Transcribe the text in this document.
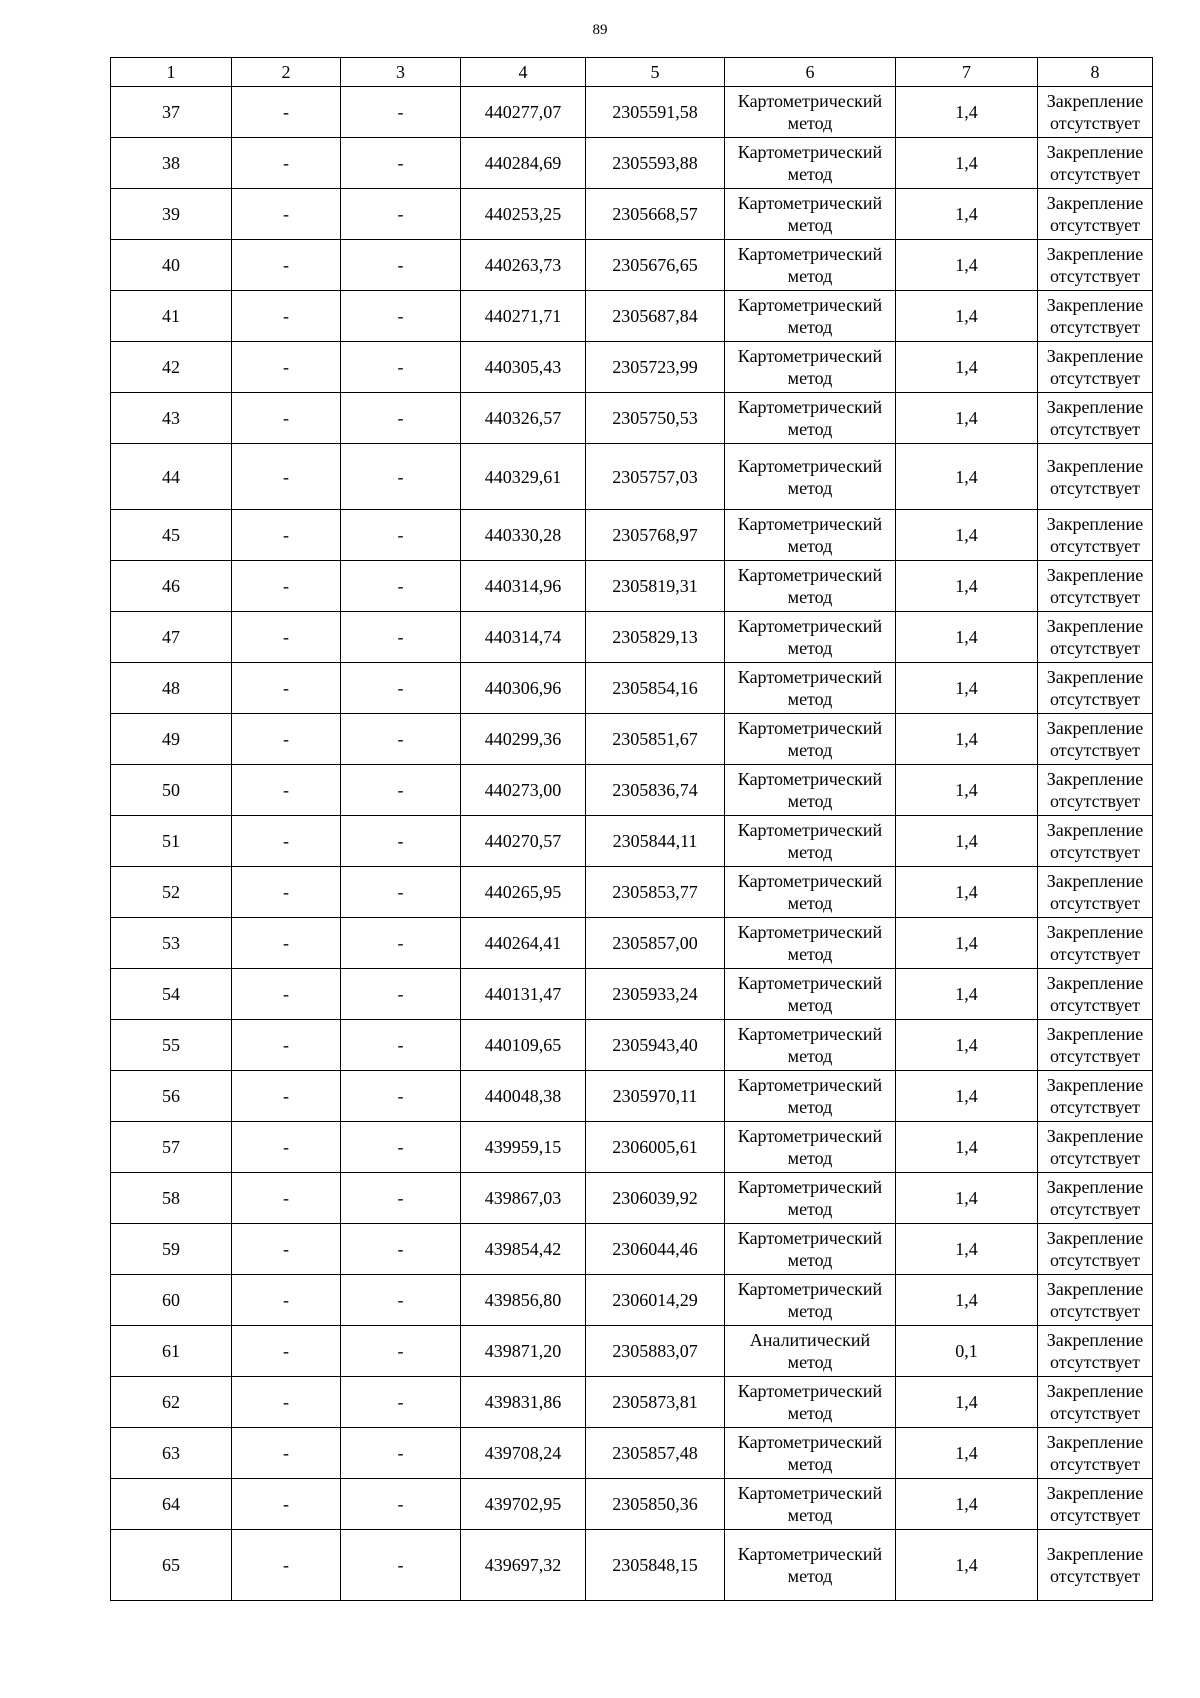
89
1	2	3	4	5	6	7	8
37	-	-	440277,07	2305591,58	Картометрический метод	1,4	Закрепление отсутствует
38	-	-	440284,69	2305593,88	Картометрический метод	1,4	Закрепление отсутствует
39	-	-	440253,25	2305668,57	Картометрический метод	1,4	Закрепление отсутствует
40	-	-	440263,73	2305676,65	Картометрический метод	1,4	Закрепление отсутствует
41	-	-	440271,71	2305687,84	Картометрический метод	1,4	Закрепление отсутствует
42	-	-	440305,43	2305723,99	Картометрический метод	1,4	Закрепление отсутствует
43	-	-	440326,57	2305750,53	Картометрический метод	1,4	Закрепление отсутствует
44	-	-	440329,61	2305757,03	Картометрический метод	1,4	Закрепление отсутствует
45	-	-	440330,28	2305768,97	Картометрический метод	1,4	Закрепление отсутствует
46	-	-	440314,96	2305819,31	Картометрический метод	1,4	Закрепление отсутствует
47	-	-	440314,74	2305829,13	Картометрический метод	1,4	Закрепление отсутствует
48	-	-	440306,96	2305854,16	Картометрический метод	1,4	Закрепление отсутствует
49	-	-	440299,36	2305851,67	Картометрический метод	1,4	Закрепление отсутствует
50	-	-	440273,00	2305836,74	Картометрический метод	1,4	Закрепление отсутствует
51	-	-	440270,57	2305844,11	Картометрический метод	1,4	Закрепление отсутствует
52	-	-	440265,95	2305853,77	Картометрический метод	1,4	Закрепление отсутствует
53	-	-	440264,41	2305857,00	Картометрический метод	1,4	Закрепление отсутствует
54	-	-	440131,47	2305933,24	Картометрический метод	1,4	Закрепление отсутствует
55	-	-	440109,65	2305943,40	Картометрический метод	1,4	Закрепление отсутствует
56	-	-	440048,38	2305970,11	Картометрический метод	1,4	Закрепление отсутствует
57	-	-	439959,15	2306005,61	Картометрический метод	1,4	Закрепление отсутствует
58	-	-	439867,03	2306039,92	Картометрический метод	1,4	Закрепление отсутствует
59	-	-	439854,42	2306044,46	Картометрический метод	1,4	Закрепление отсутствует
60	-	-	439856,80	2306014,29	Картометрический метод	1,4	Закрепление отсутствует
61	-	-	439871,20	2305883,07	Аналитический метод	0,1	Закрепление отсутствует
62	-	-	439831,86	2305873,81	Картометрический метод	1,4	Закрепление отсутствует
63	-	-	439708,24	2305857,48	Картометрический метод	1,4	Закрепление отсутствует
64	-	-	439702,95	2305850,36	Картометрический метод	1,4	Закрепление отсутствует
65	-	-	439697,32	2305848,15	Картометрический метод	1,4	Закрепление отсутствует
